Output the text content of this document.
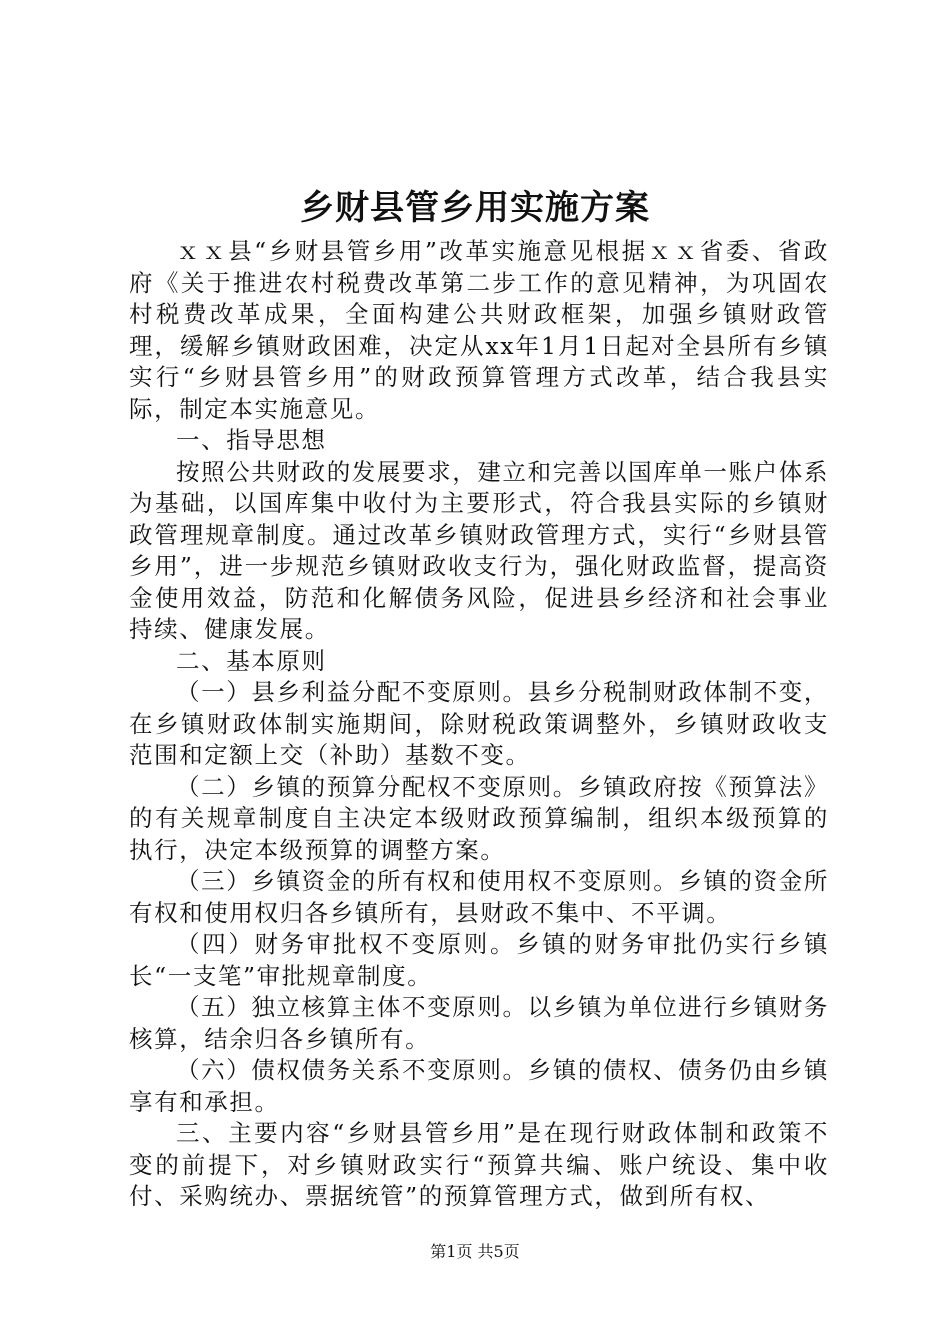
乡财县管乡用实施方案

ｘｘ县“乡财县管乡用”改革实施意见根据ｘｘ省委、省政府《关于推进农村税费改革第二步工作的意见精神，为巩固农村税费改革成果，全面构建公共财政框架，加强乡镇财政管理，缓解乡镇财政困难，决定从xx年1月1日起对全县所有乡镇实行“乡财县管乡用”的财政预算管理方式改革，结合我县实际，制定本实施意见。

一、指导思想

按照公共财政的发展要求，建立和完善以国库单一账户体系为基础，以国库集中收付为主要形式，符合我县实际的乡镇财政管理规章制度。通过改革乡镇财政管理方式，实行“乡财县管乡用”，进一步规范乡镇财政收支行为，强化财政监督，提高资金使用效益，防范和化解债务风险，促进县乡经济和社会事业持续、健康发展。

二、基本原则

（一）县乡利益分配不变原则。县乡分税制财政体制不变，在乡镇财政体制实施期间，除财税政策调整外，乡镇财政收支范围和定额上交（补助）基数不变。

（二）乡镇的预算分配权不变原则。乡镇政府按《预算法》的有关规章制度自主决定本级财政预算编制，组织本级预算的执行，决定本级预算的调整方案。

（三）乡镇资金的所有权和使用权不变原则。乡镇的资金所有权和使用权归各乡镇所有，县财政不集中、不平调。

（四）财务审批权不变原则。乡镇的财务审批仍实行乡镇长“一支笔”审批规章制度。

（五）独立核算主体不变原则。以乡镇为单位进行乡镇财务核算，结余归各乡镇所有。

（六）债权债务关系不变原则。乡镇的债权、债务仍由乡镇享有和承担。

三、主要内容“乡财县管乡用”是在现行财政体制和政策不变的前提下，对乡镇财政实行“预算共编、账户统设、集中收付、采购统办、票据统管”的预算管理方式，做到所有权、

第1页 共5页
